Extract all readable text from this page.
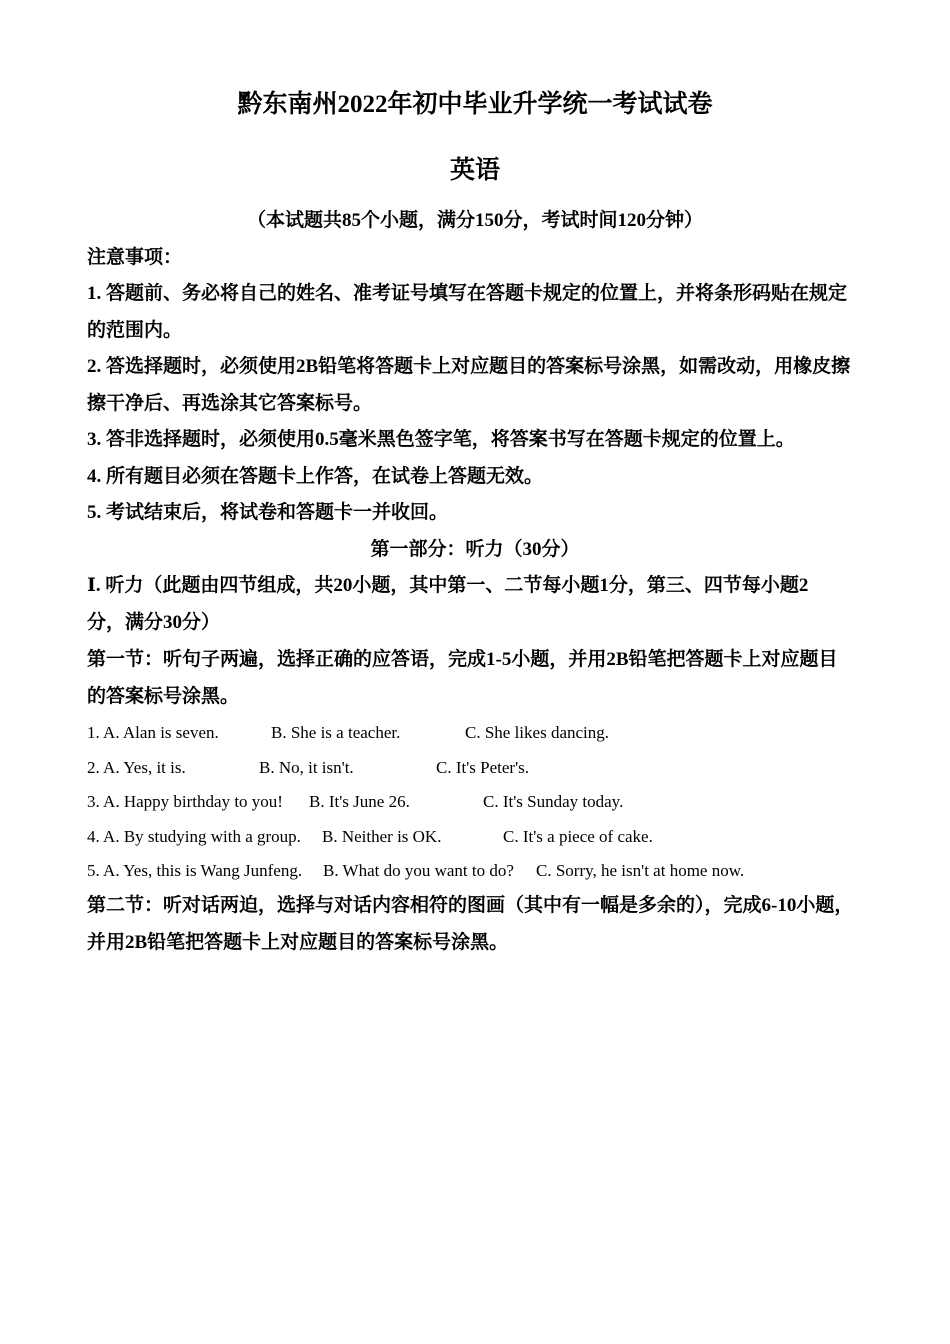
黔东南州2022年初中毕业升学统一考试试卷
英语
（本试题共85个小题，满分150分，考试时间120分钟）
注意事项：
1. 答题前、务必将自己的姓名、准考证号填写在答题卡规定的位置上，并将条形码贴在规定
的范围内。
2. 答选择题时，必须使用2B铅笔将答题卡上对应题目的答案标号涂黑，如需改动，用橡皮擦
擦干净后、再选涂其它答案标号。
3. 答非选择题时，必须使用0.5毫米黑色签字笔，将答案书写在答题卡规定的位置上。
4. 所有题目必须在答题卡上作答，在试卷上答题无效。
5. 考试结束后，将试卷和答题卡一并收回。
第一部分：听力（30分）
Ⅰ. 听力（此题由四节组成，共20小题，其中第一、二节每小题1分，第三、四节每小题2
分，满分30分）
第一节：听句子两遍，选择正确的应答语，完成1-5小题，并用2B铅笔把答题卡上对应题目
的答案标号涂黑。
1. A. Alan is seven.	B. She is a teacher.	C. She likes dancing.
2. A. Yes, it is.	B. No, it isn't.	C. It's Peter's.
3. A. Happy birthday to you! B. It's June 26.	C. It's Sunday today.
4. A. By studying with a group. B. Neither is OK.	C. It's a piece of cake.
5. A. Yes, this is Wang Junfeng. B. What do you want to do? C. Sorry, he isn't at home now.
第二节：听对话两迫，选择与对话内容相符的图画（其中有一幅是多余的），完成6-10小题，
并用2B铅笔把答题卡上对应题目的答案标号涂黑。
